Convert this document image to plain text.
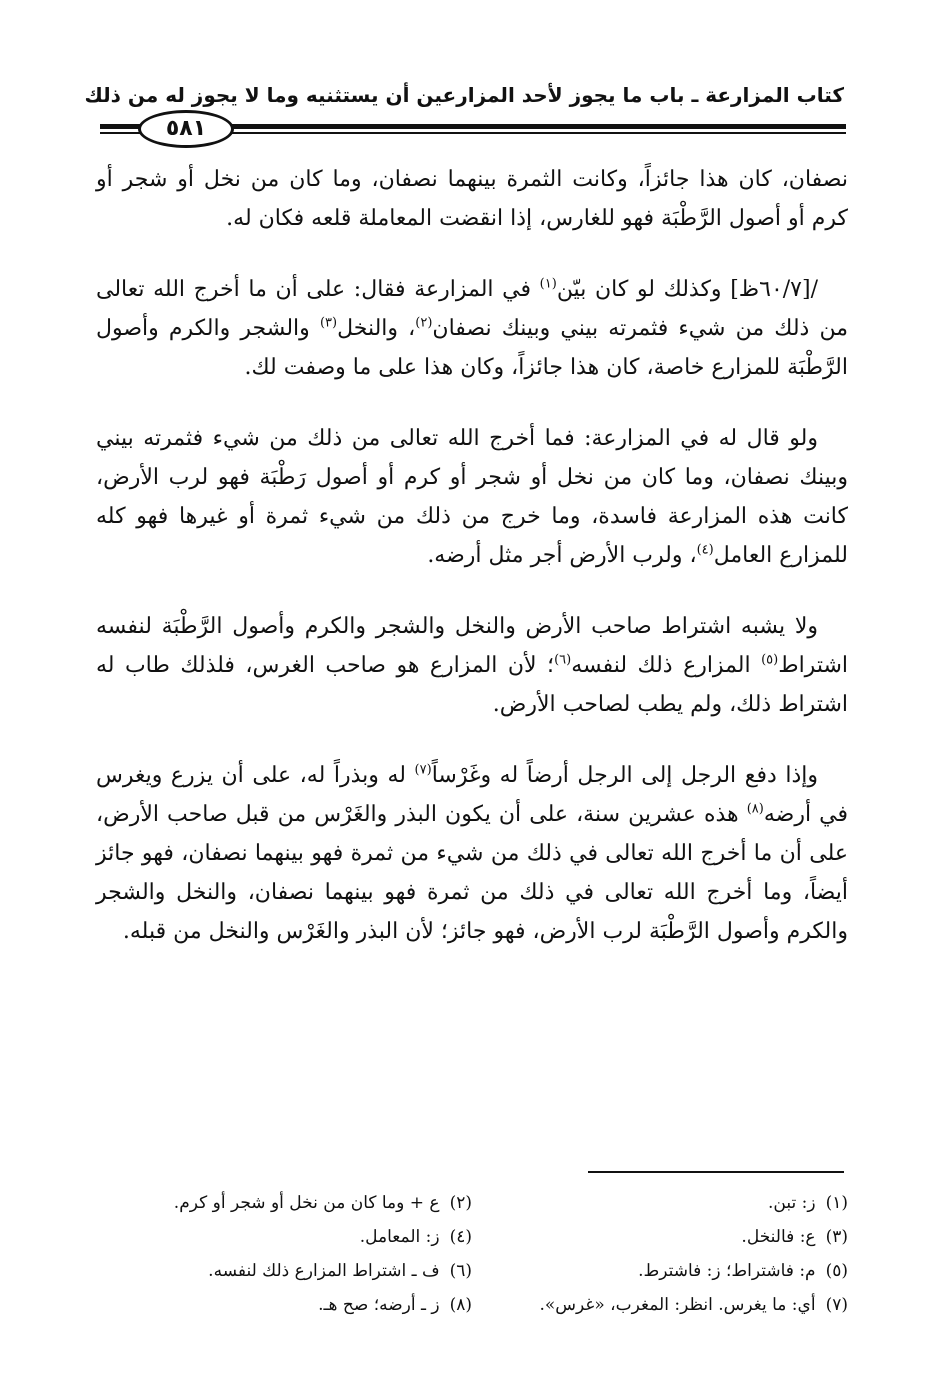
كتاب المزارعة ـ باب ما يجوز لأحد المزارعين أن يستثنيه وما لا يجوز له من ذلك
٥٨١

نصفان، كان هذا جائزاً، وكانت الثمرة بينهما نصفان، وما كان من نخل أو شجر أو كرم أو أصول الرَّطْبَة فهو للغارس، إذا انقضت المعاملة قلعه فكان له.

/[٦٠/٧ظ] وكذلك لو كان بيّن$^{(١)}$ في المزارعة فقال: على أن ما أخرج الله تعالى من ذلك من شيء فثمرته بيني وبينك نصفان$^{(٢)}$، والنخل$^{(٣)}$ والشجر والكرم وأصول الرَّطْبَة للمزارع خاصة، كان هذا جائزاً، وكان هذا على ما وصفت لك.

ولو قال له في المزارعة: فما أخرج الله تعالى من ذلك من شيء فثمرته بيني وبينك نصفان، وما كان من نخل أو شجر أو كرم أو أصول رَطْبَة فهو لرب الأرض، كانت هذه المزارعة فاسدة، وما خرج من ذلك من شيء ثمرة أو غيرها فهو كله للمزارع العامل$^{(٤)}$، ولرب الأرض أجر مثل أرضه.

ولا يشبه اشتراط صاحب الأرض والنخل والشجر والكرم وأصول الرَّطْبَة لنفسه اشتراط$^{(٥)}$ المزارع ذلك لنفسه$^{(٦)}$؛ لأن المزارع هو صاحب الغرس، فلذلك طاب له اشتراط ذلك، ولم يطب لصاحب الأرض.

وإذا دفع الرجل إلى الرجل أرضاً له وغَرْساً$^{(٧)}$ له وبذراً له، على أن يزرع ويغرس في أرضه$^{(٨)}$ هذه عشرين سنة، على أن يكون البذر والغَرْس من قبل صاحب الأرض، على أن ما أخرج الله تعالى في ذلك من شيء من ثمرة فهو بينهما نصفان، فهو جائز أيضاً، وما أخرج الله تعالى في ذلك من ثمرة فهو بينهما نصفان، والنخل والشجر والكرم وأصول الرَّطْبَة لرب الأرض، فهو جائز؛ لأن البذر والغَرْس والنخل من قبله.

(١)ز: تبن.
(٢)ع + وما كان من نخل أو شجر أو كرم.
(٣)ع: فالنخل.
(٤)ز: المعامل.
(٥)م: فاشتراط؛ ز: فاشترط.
(٦)ف ـ اشتراط المزارع ذلك لنفسه.
(٧)أي: ما يغرس. انظر: المغرب، «غرس».
(٨)ز ـ أرضه؛ صح هـ.
